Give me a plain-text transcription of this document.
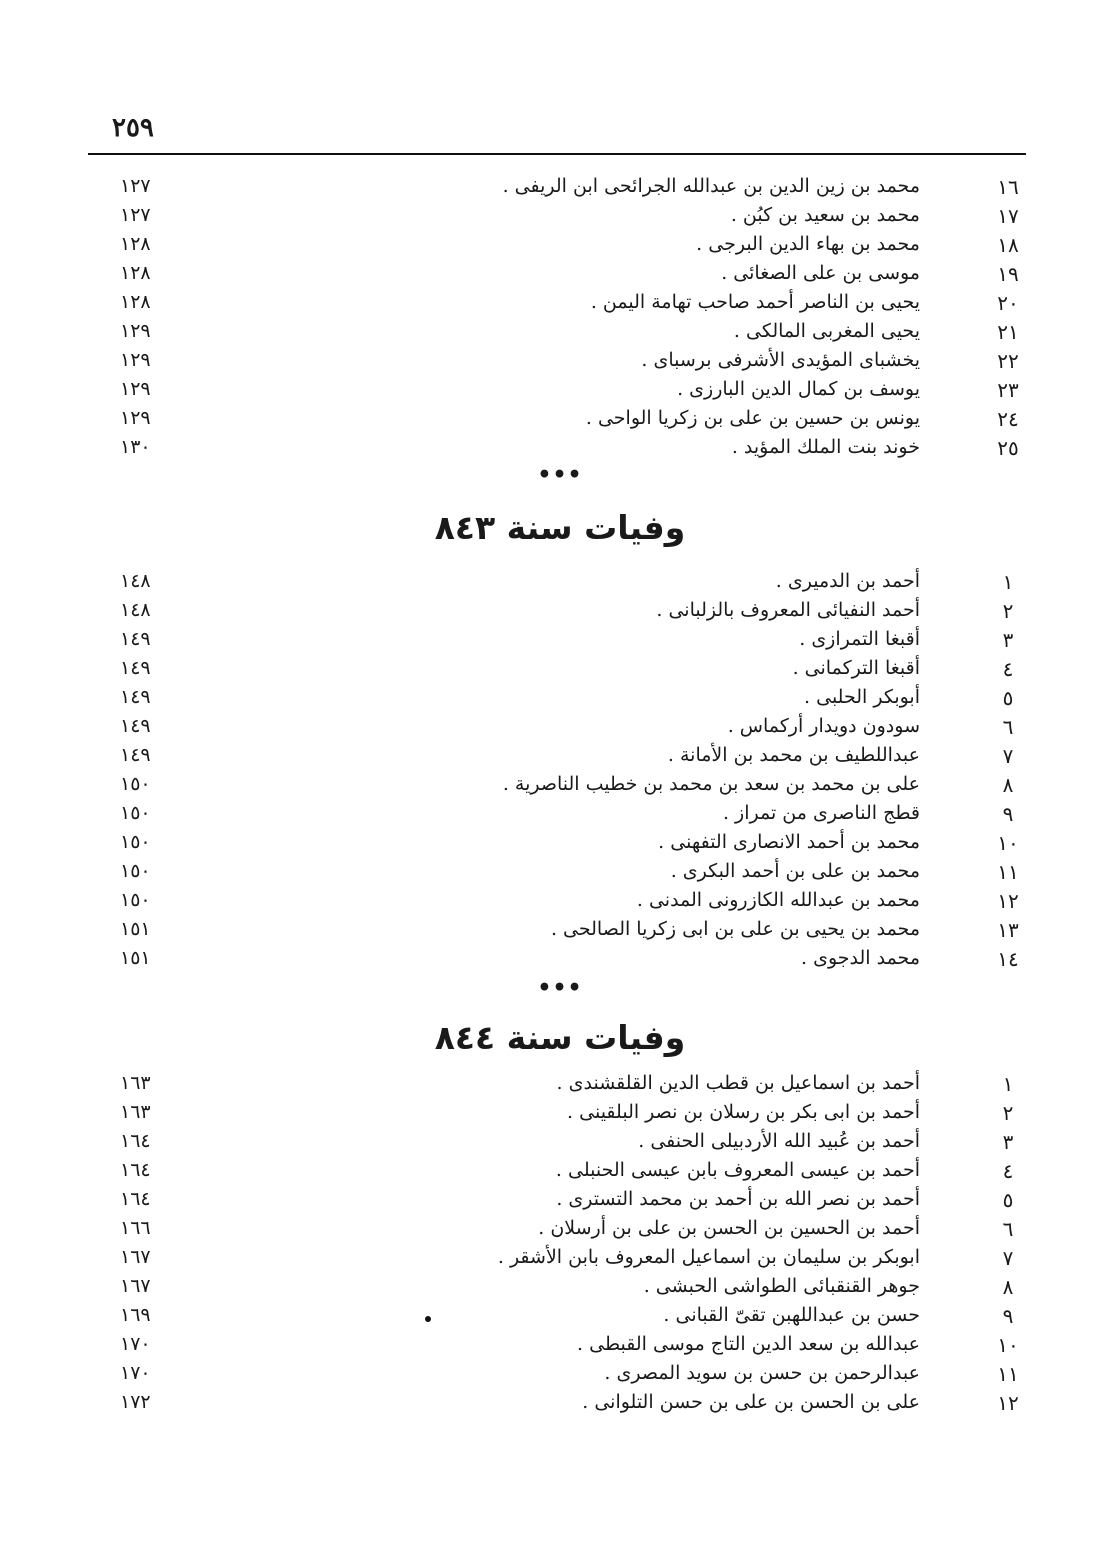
٢٥٩
١٦
محمد بن زين الدين بن عبدالله الجرائحى ابن الريفى .
١٢٧
١٧
محمد بن سعيد بن كبُن .
١٢٧
١٨
محمد بن بهاء الدين البرجى .
١٢٨
١٩
موسى بن على الصغائى .
١٢٨
٢٠
يحيى بن الناصر أحمد صاحب تهامة اليمن .
١٢٨
٢١
يحيى المغربى المالكى .
١٢٩
٢٢
يخشباى المؤيدى الأشرفى برسباى .
١٢٩
٢٣
يوسف بن كمال الدين البارزى .
١٢٩
٢٤
يونس بن حسين بن على بن زكريا الواحى .
١٢٩
٢٥
خوند بنت الملك المؤيد .
١٣٠
•••
وفيات سنة ٨٤٣
١
أحمد بن الدميرى .
١٤٨
٢
أحمد النفيائى المعروف بالزلبانى .
١٤٨
٣
أقبغا التمرازى .
١٤٩
٤
أقبغا التركمانى .
١٤٩
٥
أبوبكر الحلبى .
١٤٩
٦
سودون دويدار أركماس .
١٤٩
٧
عبداللطيف بن محمد بن الأمانة .
١٤٩
٨
على بن محمد بن سعد بن محمد بن خطيب الناصرية .
١٥٠
٩
قطج الناصرى من تمراز .
١٥٠
١٠
محمد بن أحمد الانصارى التفهنى .
١٥٠
١١
محمد بن على بن أحمد البكرى .
١٥٠
١٢
محمد بن عبدالله الكازرونى المدنى .
١٥٠
١٣
محمد بن يحيى بن على بن ابى زكريا الصالحى .
١٥١
١٤
محمد الدجوى .
١٥١
•••
وفيات سنة ٨٤٤
١
أحمد بن اسماعيل بن قطب الدين القلقشندى .
١٦٣
٢
أحمد بن ابى بكر بن رسلان بن نصر البلقينى .
١٦٣
٣
أحمد بن عُبيد الله الأردبيلى الحنفى .
١٦٤
٤
أحمد بن عيسى المعروف بابن عيسى الحنبلى .
١٦٤
٥
أحمد بن نصر الله بن أحمد بن محمد التسترى .
١٦٤
٦
أحمد بن الحسين بن الحسن بن على بن أرسلان .
١٦٦
٧
ابوبكر بن سليمان بن اسماعيل المعروف بابن الأشقر .
١٦٧
٨
جوهر القنقبائى الطواشى الحبشى .
١٦٧
٩
حسن بن عبداللهبن تقىّ القبانى .
١٦٩
١٠
عبدالله بن سعد الدين التاج موسى القبطى .
١٧٠
١١
عبدالرحمن بن حسن بن سويد المصرى .
١٧٠
١٢
على بن الحسن بن على بن حسن التلوانى .
١٧٢
